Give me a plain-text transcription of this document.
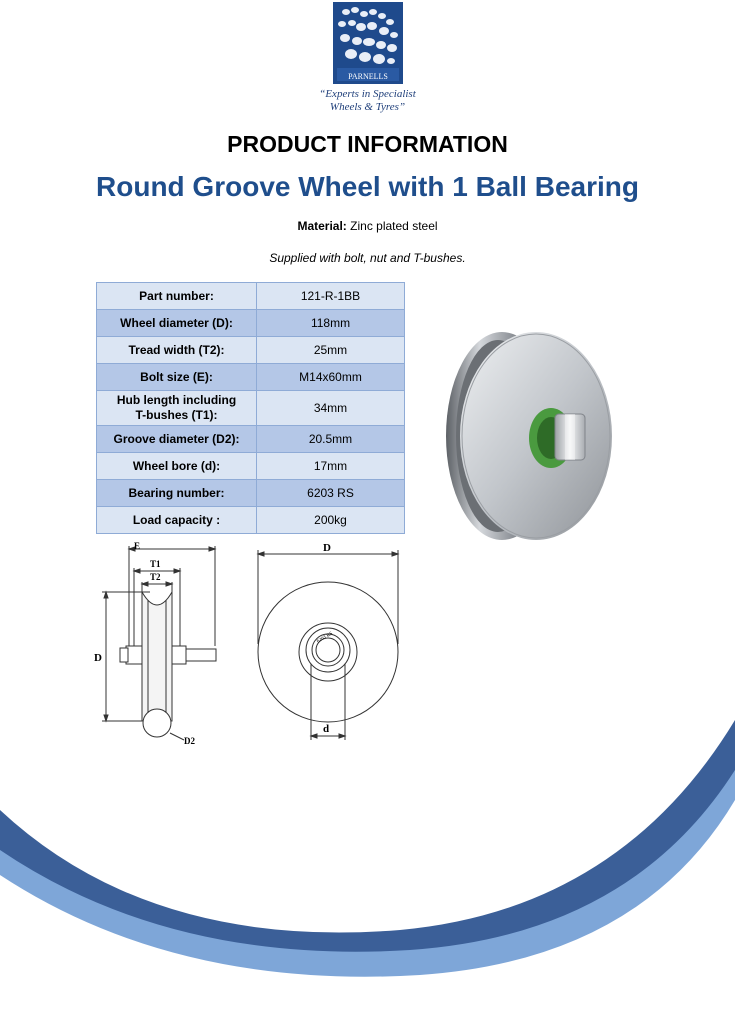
PARNELLS
“Experts in Specialist
Wheels & Tyres”
PRODUCT INFORMATION
Round Groove Wheel with 1 Ball Bearing
Material: Zinc plated steel
Supplied with bolt, nut and T-bushes.
Part number:	121-R-1BB
Wheel diameter (D):	118mm
Tread width (T2):	25mm
Bolt size (E):	M14x60mm

Hub length including
T-bushes (T1):	34mm
Groove diameter (D2):	20.5mm
Wheel bore (d):	17mm
Bearing number:	6203 RS
Load capacity :	200kg
E
T1
T2
D
D2
D
d
6203 RS
